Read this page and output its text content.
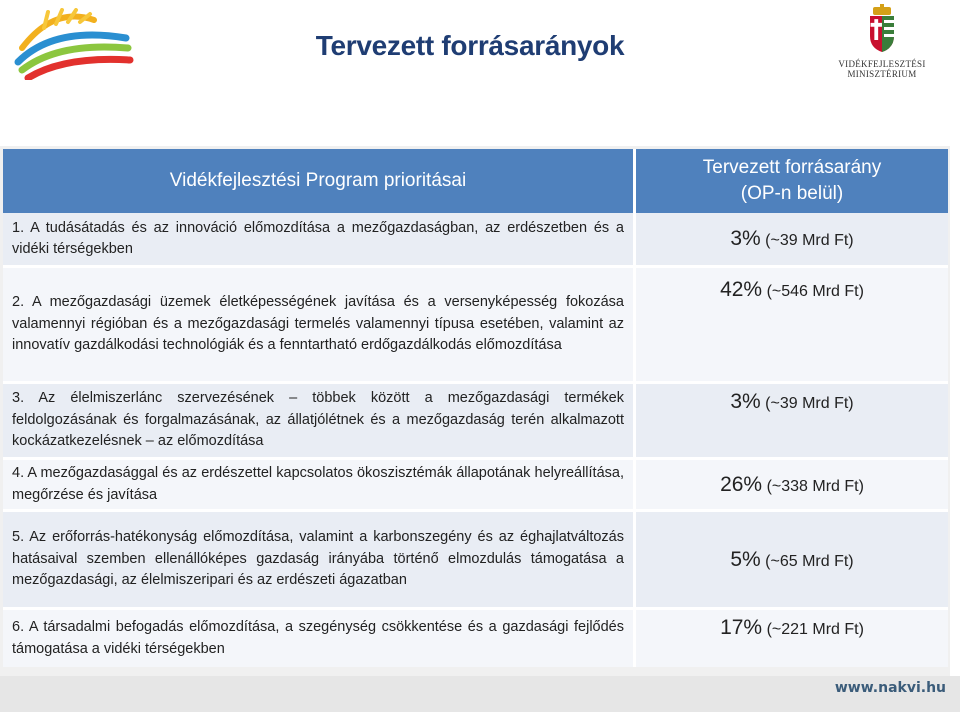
Tervezett forrásarányok
VIDÉKFEJLESZTÉSI
MINISZTÉRIUM
Vidékfejlesztési Program prioritásai	Tervezett forrásarány
(OP-n belül)
1. A tudásátadás és az innováció előmozdítása a mezőgazdaságban, az erdészetben és a vidéki térségekben	3% (~39 Mrd Ft)
2. A mezőgazdasági üzemek életképességének javítása és a versenyképesség fokozása valamennyi régióban és a mezőgazdasági termelés valamennyi típusa esetében, valamint az innovatív gazdálkodási technológiák és a fenntartható erdőgazdálkodás előmozdítása	42% (~546 Mrd Ft)
3. Az élelmiszerlánc szervezésének – többek között a mezőgazdasági termékek feldolgozásának és forgalmazásának, az állatjólétnek és a mezőgazdaság terén alkalmazott kockázatkezelésnek – az előmozdítása	3% (~39 Mrd Ft)
4. A mezőgazdasággal és az erdészettel kapcsolatos ökoszisztémák állapotának helyreállítása, megőrzése és javítása	26% (~338 Mrd Ft)
5. Az erőforrás-hatékonyság előmozdítása, valamint a karbonszegény és az éghajlatváltozás hatásaival szemben ellenállóképes gazdaság irányába történő elmozdulás támogatása a mezőgazdasági, az élelmiszeripari és az erdészeti ágazatban	5% (~65 Mrd Ft)
6. A társadalmi befogadás előmozdítása, a szegénység csökkentése és a gazdasági fejlődés támogatása a vidéki térségekben	17% (~221 Mrd Ft)
www.nakvi.hu
